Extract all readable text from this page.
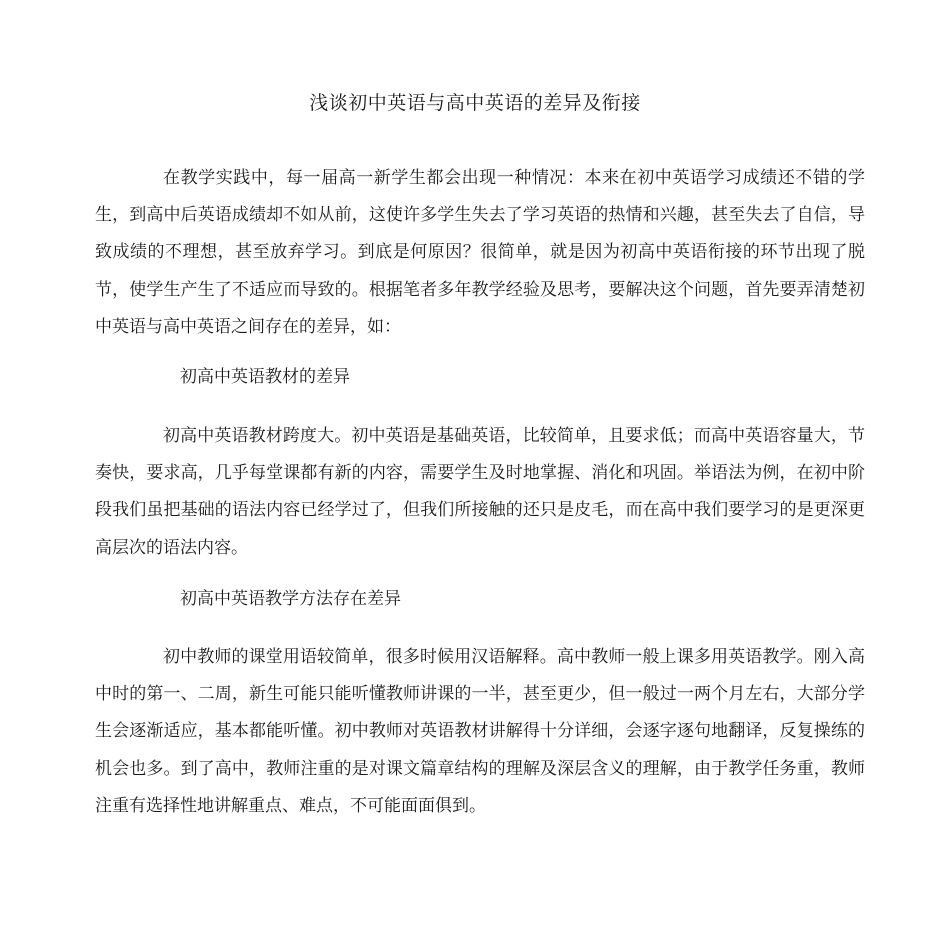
浅谈初中英语与高中英语的差异及衔接

在教学实践中，每一届高一新学生都会出现一种情况：本来在初中英语学习成绩还不错的学生，到高中后英语成绩却不如从前，这使许多学生失去了学习英语的热情和兴趣，甚至失去了自信，导致成绩的不理想，甚至放弃学习。到底是何原因？很简单，就是因为初高中英语衔接的环节出现了脱节，使学生产生了不适应而导致的。根据笔者多年教学经验及思考，要解决这个问题，首先要弄清楚初中英语与高中英语之间存在的差异，如：

初高中英语教材的差异

初高中英语教材跨度大。初中英语是基础英语，比较简单，且要求低；而高中英语容量大，节奏快，要求高，几乎每堂课都有新的内容，需要学生及时地掌握、消化和巩固。举语法为例，在初中阶段我们虽把基础的语法内容已经学过了，但我们所接触的还只是皮毛，而在高中我们要学习的是更深更高层次的语法内容。

初高中英语教学方法存在差异

初中教师的课堂用语较简单，很多时候用汉语解释。高中教师一般上课多用英语教学。刚入高中时的第一、二周，新生可能只能听懂教师讲课的一半，甚至更少，但一般过一两个月左右，大部分学生会逐渐适应，基本都能听懂。初中教师对英语教材讲解得十分详细，会逐字逐句地翻译，反复操练的机会也多。到了高中，教师注重的是对课文篇章结构的理解及深层含义的理解，由于教学任务重，教师注重有选择性地讲解重点、难点，不可能面面俱到。
